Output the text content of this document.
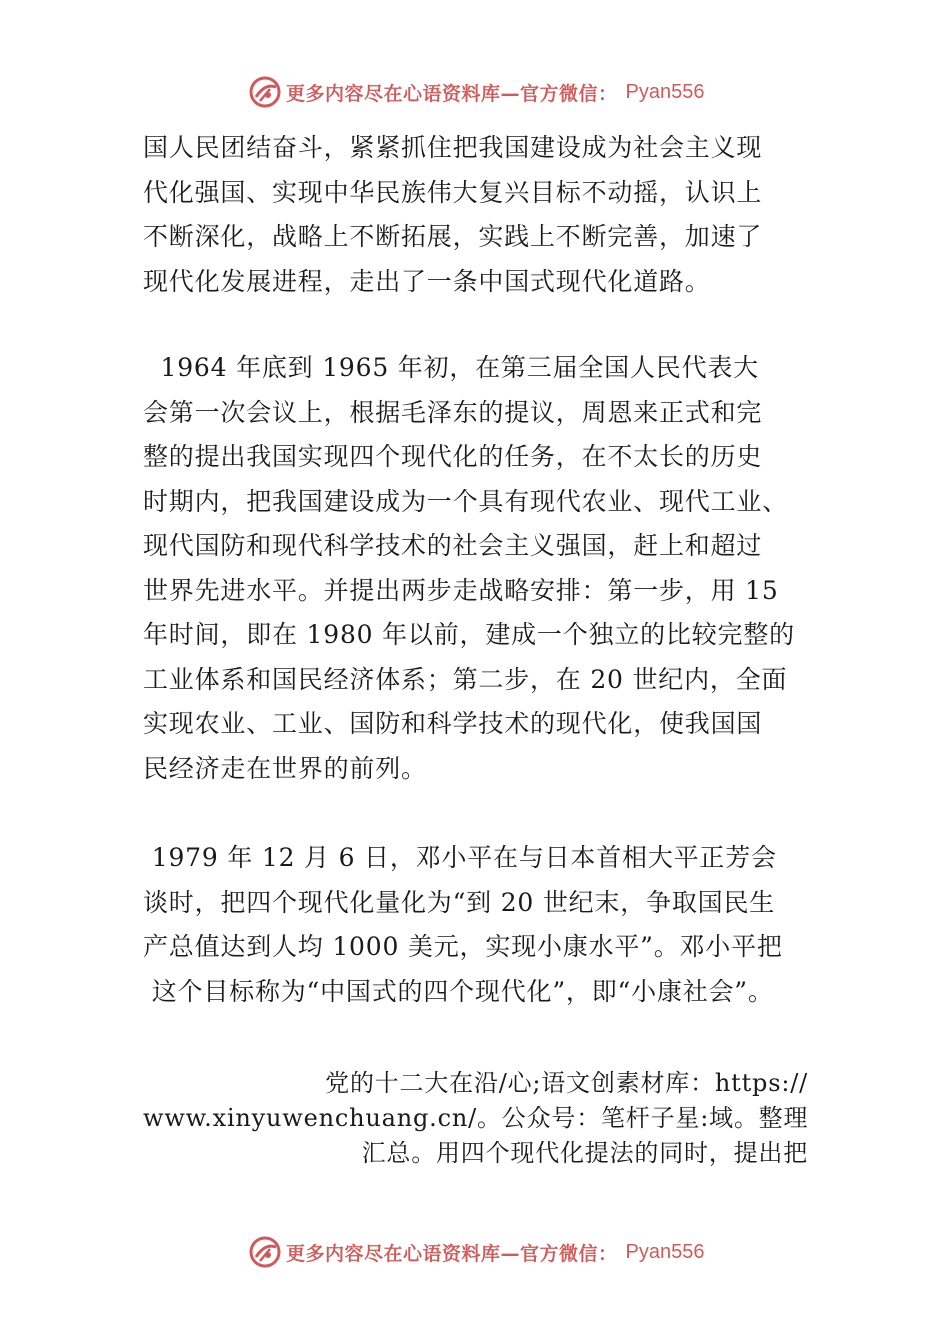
更多内容尽在心语资料库—官方微信： Pyan556
国人民团结奋斗，紧紧抓住把我国建设成为社会主义现
代化强国、实现中华民族伟大复兴目标不动摇，认识上
不断深化，战略上不断拓展，实践上不断完善，加速了
现代化发展进程，走出了一条中国式现代化道路。
1964 年底到 1965 年初，在第三届全国人民代表大
会第一次会议上，根据毛泽东的提议，周恩来正式和完
整的提出我国实现四个现代化的任务，在不太长的历史
时期内，把我国建设成为一个具有现代农业、现代工业、
现代国防和现代科学技术的社会主义强国，赶上和超过
世界先进水平。并提出两步走战略安排：第一步，用 15
年时间，即在 1980 年以前，建成一个独立的比较完整的
工业体系和国民经济体系；第二步，在 20 世纪内，全面
实现农业、工业、国防和科学技术的现代化，使我国国
民经济走在世界的前列。
1979 年 12 月 6 日，邓小平在与日本首相大平正芳会
谈时，把四个现代化量化为“到 20 世纪末，争取国民生
产总值达到人均 1000 美元，实现小康水平”。邓小平把
这个目标称为“中国式的四个现代化”，即“小康社会”。
党的十二大在沿/心;语文创素材库：https://
www.xinyuwenchuang.cn/。公众号：笔杆子星:域。整理
汇总。用四个现代化提法的同时，提出把
更多内容尽在心语资料库—官方微信： Pyan556
